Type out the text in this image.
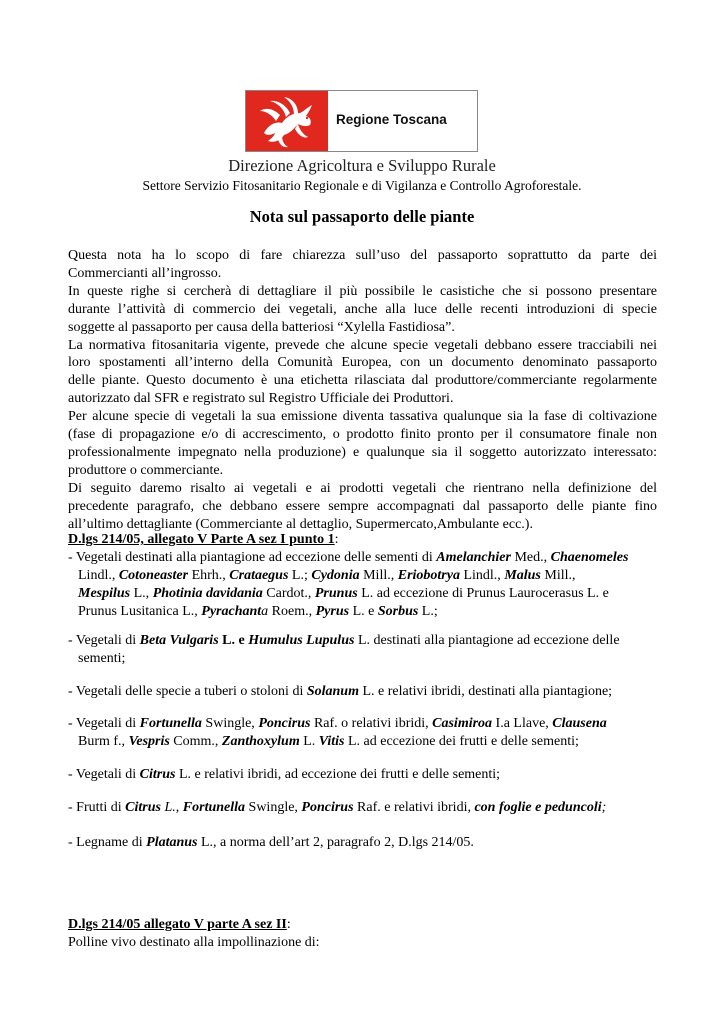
Regione Toscana
Direzione Agricoltura e Sviluppo Rurale
Settore Servizio Fitosanitario Regionale e di Vigilanza e Controllo Agroforestale.
Nota sul passaporto delle piante
Questa nota ha lo scopo di fare chiarezza sull’uso del passaporto soprattutto da parte dei
Commercianti all’ingrosso.
In queste righe si cercherà di dettagliare il più possibile le casistiche che si possono presentare
durante l’attività di commercio dei vegetali, anche alla luce delle recenti introduzioni di specie
soggette al passaporto per causa della batteriosi “Xylella Fastidiosa”.
La normativa fitosanitaria vigente, prevede che alcune specie vegetali debbano essere tracciabili nei
loro spostamenti all’interno della Comunità Europea, con un documento denominato passaporto
delle piante. Questo documento è una etichetta rilasciata dal produttore/commerciante regolarmente
autorizzato dal SFR e registrato sul Registro Ufficiale dei Produttori.
Per alcune specie di vegetali la sua emissione diventa tassativa qualunque sia la fase di coltivazione
(fase di propagazione e/o di accrescimento, o prodotto finito pronto per il consumatore finale non
professionalmente impegnato nella produzione) e qualunque sia il soggetto autorizzato interessato:
produttore o commerciante.
Di seguito daremo risalto ai vegetali e ai prodotti vegetali che rientrano nella definizione del
precedente paragrafo, che debbano essere sempre accompagnati dal passaporto delle piante fino
all’ultimo dettagliante (Commerciante al dettaglio, Supermercato,Ambulante ecc.).
D.lgs 214/05, allegato V Parte A sez I punto 1:
- Vegetali destinati alla piantagione ad eccezione delle sementi di Amelanchier Med., Chaenomeles
Lindl., Cotoneaster Ehrh., Crataegus L.; Cydonia Mill., Eriobotrya Lindl., Malus Mill.,
Mespilus L., Photinia davidania Cardot., Prunus L. ad eccezione di Prunus Laurocerasus L. e
Prunus Lusitanica L., Pyrachanta Roem., Pyrus L. e Sorbus L.;
- Vegetali di Beta Vulgaris L. e Humulus Lupulus L. destinati alla piantagione ad eccezione delle
sementi;
- Vegetali delle specie a tuberi o stoloni di Solanum L. e relativi ibridi, destinati alla piantagione;
- Vegetali di Fortunella Swingle, Poncirus Raf. o relativi ibridi, Casimiroa I.a Llave, Clausena
Burm f., Vespris Comm., Zanthoxylum L. Vitis L. ad eccezione dei frutti e delle sementi;
- Vegetali di Citrus L. e relativi ibridi, ad eccezione dei frutti e delle sementi;
- Frutti di Citrus L., Fortunella Swingle, Poncirus Raf. e relativi ibridi, con foglie e peduncoli;
- Legname di Platanus L., a norma dell’art 2, paragrafo 2, D.lgs 214/05.
D.lgs 214/05 allegato V parte A sez II:
Polline vivo destinato alla impollinazione di:
